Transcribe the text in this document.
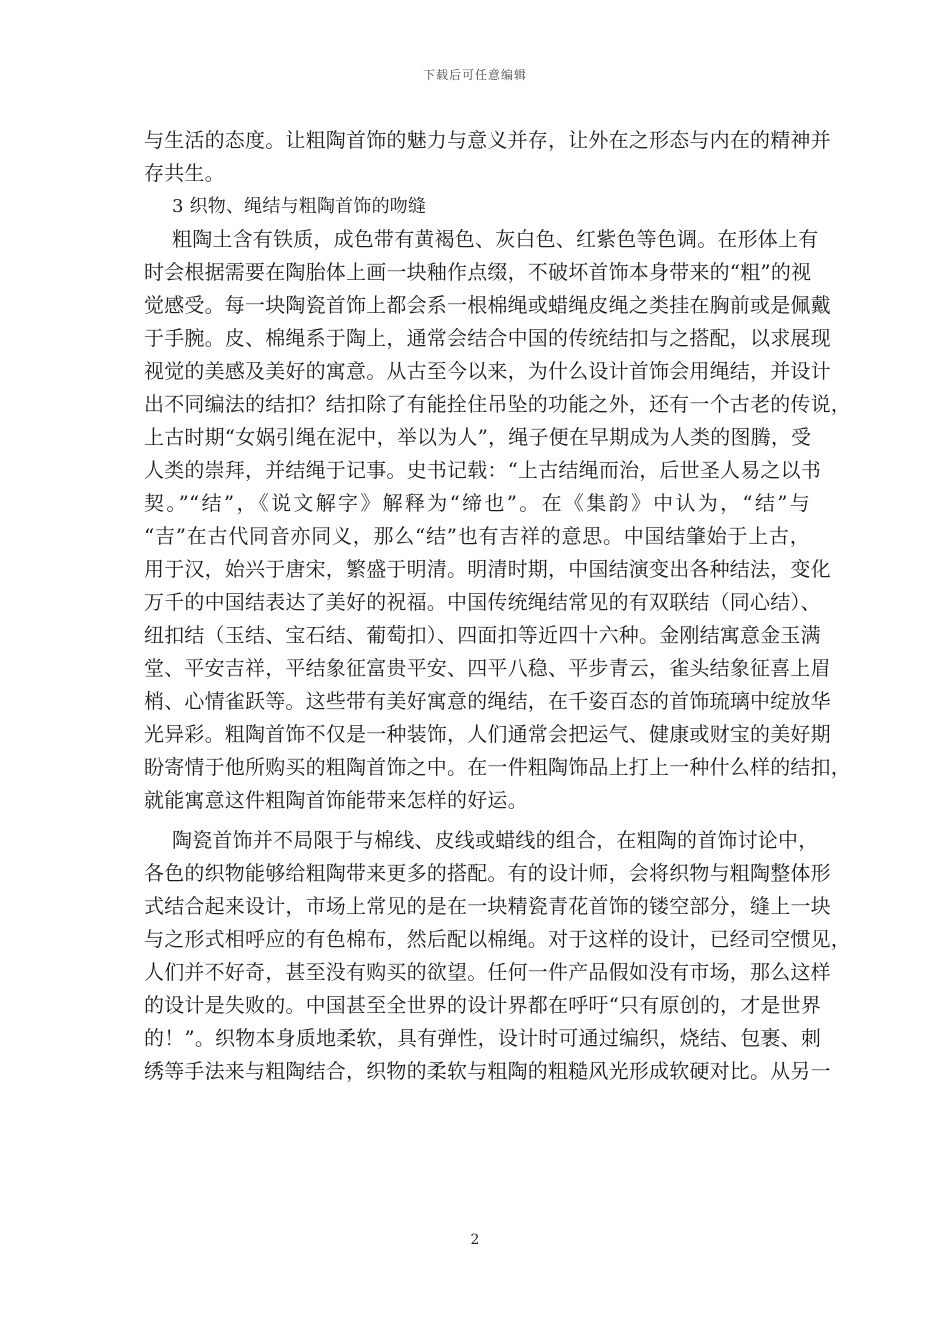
下载后可任意编辑
与生活的态度。让粗陶首饰的魅力与意义并存，让外在之形态与内在的精神并
存共生。
3 织物、绳结与粗陶首饰的吻缝
粗陶土含有铁质，成色带有黄褐色、灰白色、红紫色等色调。在形体上有
时会根据需要在陶胎体上画一块釉作点缀，不破坏首饰本身带来的“粗”的视
觉感受。每一块陶瓷首饰上都会系一根棉绳或蜡绳皮绳之类挂在胸前或是佩戴
于手腕。皮、棉绳系于陶上，通常会结合中国的传统结扣与之搭配，以求展现
视觉的美感及美好的寓意。从古至今以来，为什么设计首饰会用绳结，并设计
出不同编法的结扣？结扣除了有能拴住吊坠的功能之外，还有一个古老的传说，
上古时期“女娲引绳在泥中，举以为人”，绳子便在早期成为人类的图腾，受
人类的崇拜，并结绳于记事。史书记载：“上古结绳而治，后世圣人易之以书
契。”“结”，《说文解字》解释为“缔也”。在《集韵》中认为，“结”与
“吉”在古代同音亦同义，那么“结”也有吉祥的意思。中国结肇始于上古，
用于汉，始兴于唐宋，繁盛于明清。明清时期，中国结演变出各种结法，变化
万千的中国结表达了美好的祝福。中国传统绳结常见的有双联结（同心结）、
纽扣结（玉结、宝石结、葡萄扣）、四面扣等近四十六种。金刚结寓意金玉满
堂、平安吉祥，平结象征富贵平安、四平八稳、平步青云，雀头结象征喜上眉
梢、心情雀跃等。这些带有美好寓意的绳结，在千姿百态的首饰琉璃中绽放华
光异彩。粗陶首饰不仅是一种装饰，人们通常会把运气、健康或财宝的美好期
盼寄情于他所购买的粗陶首饰之中。在一件粗陶饰品上打上一种什么样的结扣，
就能寓意这件粗陶首饰能带来怎样的好运。
陶瓷首饰并不局限于与棉线、皮线或蜡线的组合，在粗陶的首饰讨论中，
各色的织物能够给粗陶带来更多的搭配。有的设计师，会将织物与粗陶整体形
式结合起来设计，市场上常见的是在一块精瓷青花首饰的镂空部分，缝上一块
与之形式相呼应的有色棉布，然后配以棉绳。对于这样的设计，已经司空惯见，
人们并不好奇，甚至没有购买的欲望。任何一件产品假如没有市场，那么这样
的设计是失败的。中国甚至全世界的设计界都在呼吁“只有原创的，才是世界
的！”。织物本身质地柔软，具有弹性，设计时可通过编织，烧结、包裹、刺
绣等手法来与粗陶结合，织物的柔软与粗陶的粗糙风光形成软硬对比。从另一
2
